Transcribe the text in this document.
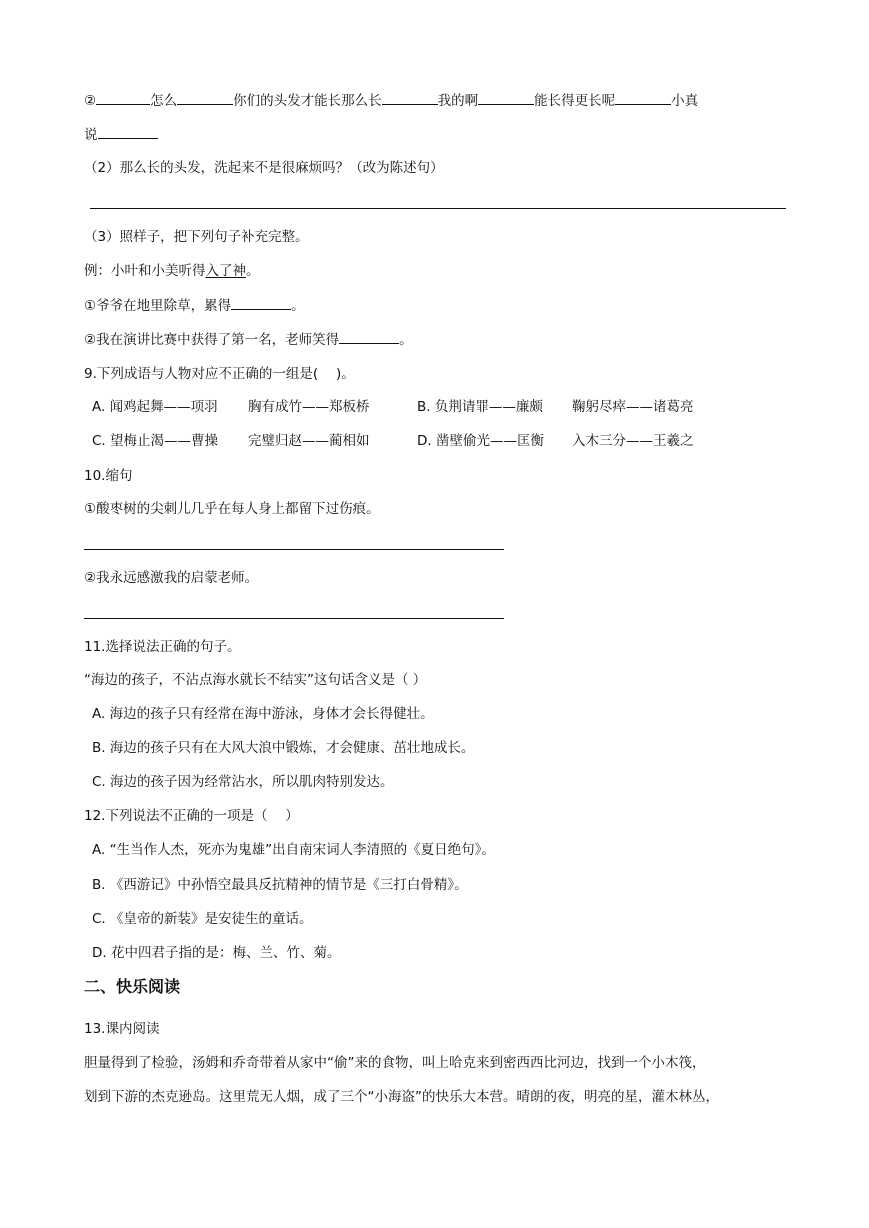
②	怎么	你们的头发才能长那么长	我的啊	能长得更长呢	小真
说
（2）那么长的头发，洗起来不是很麻烦吗？（改为陈述句）
（3）照样子，把下列句子补充完整。
例：小叶和小美听得入了神。
①爷爷在地里除草，累得	。
②我在演讲比赛中获得了第一名，老师笑得	。
9.下列成语与人物对应不正确的一组是(　 )。
A. 闻鸡起舞——项羽 胸有成竹——郑板桥	B. 负荆请罪——廉颇 鞠躬尽瘁——诸葛亮
C. 望梅止渴——曹操 完璧归赵——蔺相如	D. 凿壁偷光——匡衡 入木三分——王羲之
10.缩句
①酸枣树的尖刺儿几乎在每人身上都留下过伤痕。
②我永远感激我的启蒙老师。
11.选择说法正确的句子。
“海边的孩子，不沾点海水就长不结实”这句话含义是（ ）
A. 海边的孩子只有经常在海中游泳，身体才会长得健壮。
B. 海边的孩子只有在大风大浪中锻炼，才会健康、茁壮地成长。
C. 海边的孩子因为经常沾水，所以肌肉特别发达。
12.下列说法不正确的一项是（　 ）
A. “生当作人杰，死亦为鬼雄”出自南宋词人李清照的《夏日绝句》。
B. 《西游记》中孙悟空最具反抗精神的情节是《三打白骨精》。
C. 《皇帝的新装》是安徒生的童话。
D. 花中四君子指的是：梅、兰、竹、菊。
二、快乐阅读
13.课内阅读
胆量得到了检验，汤姆和乔奇带着从家中“偷”来的食物，叫上哈克来到密西西比河边，找到一个小木筏，
划到下游的杰克逊岛。这里荒无人烟，成了三个“小海盗”的快乐大本营。晴朗的夜，明亮的星，灌木林丛，
